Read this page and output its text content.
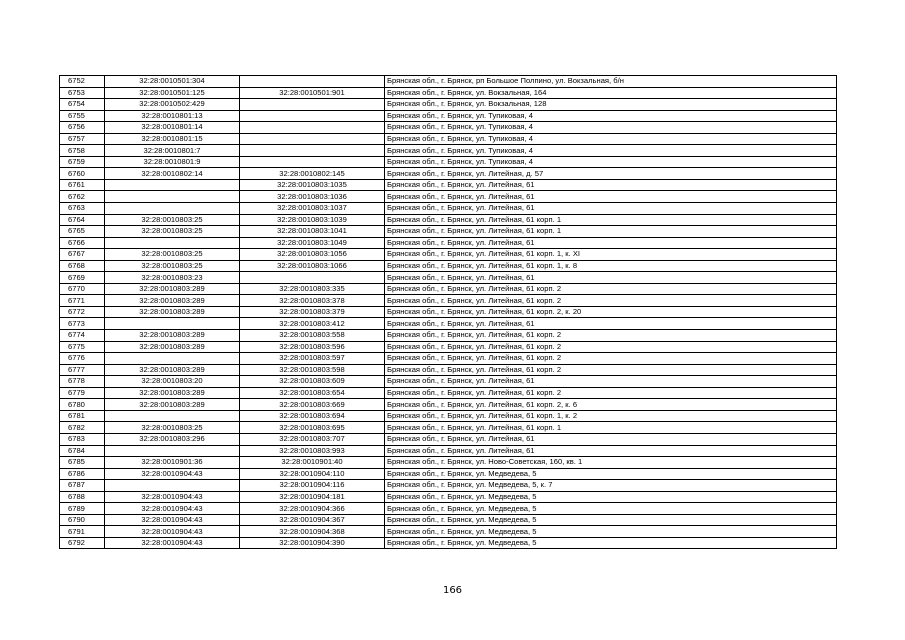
6752	32:28:0010501:304		Брянская обл., г. Брянск, рп Большое Полпино, ул. Вокзальная, б/н
6753	32:28:0010501:125	32:28:0010501:901	Брянская обл., г. Брянск, ул. Вокзальная, 164
6754	32:28:0010502:429		Брянская обл., г. Брянск, ул. Вокзальная, 128
6755	32:28:0010801:13		Брянская обл., г. Брянск, ул. Тупиковая, 4
6756	32:28:0010801:14		Брянская обл., г. Брянск, ул. Тупиковая, 4
6757	32:28:0010801:15		Брянская обл., г. Брянск, ул. Тупиковая, 4
6758	32:28:0010801:7		Брянская обл., г. Брянск, ул. Тупиковая, 4
6759	32:28:0010801:9		Брянская обл., г. Брянск, ул. Тупиковая, 4
6760	32:28:0010802:14	32:28:0010802:145	Брянская обл., г. Брянск, ул. Литейная, д. 57
6761		32:28:0010803:1035	Брянская обл., г. Брянск, ул. Литейная, 61
6762		32:28:0010803:1036	Брянская обл., г. Брянск, ул. Литейная, 61
6763		32:28:0010803:1037	Брянская обл., г. Брянск, ул. Литейная, 61
6764	32:28:0010803:25	32:28:0010803:1039	Брянская обл., г. Брянск, ул. Литейная, 61 корп. 1
6765	32:28:0010803:25	32:28:0010803:1041	Брянская обл., г. Брянск, ул. Литейная, 61 корп. 1
6766		32:28:0010803:1049	Брянская обл., г. Брянск, ул. Литейная, 61
6767	32:28:0010803:25	32:28:0010803:1056	Брянская обл., г. Брянск, ул. Литейная, 61 корп. 1, к. XI
6768	32:28:0010803:25	32:28:0010803:1066	Брянская обл., г. Брянск, ул. Литейная, 61 корп. 1, к. 8
6769	32:28:0010803:23		Брянская обл., г. Брянск, ул. Литейная, 61
6770	32:28:0010803:289	32:28:0010803:335	Брянская обл., г. Брянск, ул. Литейная, 61 корп. 2
6771	32:28:0010803:289	32:28:0010803:378	Брянская обл., г. Брянск, ул. Литейная, 61 корп. 2
6772	32:28:0010803:289	32:28:0010803:379	Брянская обл., г. Брянск, ул. Литейная, 61 корп. 2, к. 20
6773		32:28:0010803:412	Брянская обл., г. Брянск, ул. Литейная, 61
6774	32:28:0010803:289	32:28:0010803:558	Брянская обл., г. Брянск, ул. Литейная, 61 корп. 2
6775	32:28:0010803:289	32:28:0010803:596	Брянская обл., г. Брянск, ул. Литейная, 61 корп. 2
6776		32:28:0010803:597	Брянская обл., г. Брянск, ул. Литейная, 61 корп. 2
6777	32:28:0010803:289	32:28:0010803:598	Брянская обл., г. Брянск, ул. Литейная, 61 корп. 2
6778	32:28:0010803:20	32:28:0010803:609	Брянская обл., г. Брянск, ул. Литейная, 61
6779	32:28:0010803:289	32:28:0010803:654	Брянская обл., г. Брянск, ул. Литейная, 61 корп. 2
6780	32:28:0010803:289	32:28:0010803:669	Брянская обл., г. Брянск, ул. Литейная, 61 корп. 2, к. 6
6781		32:28:0010803:694	Брянская обл., г. Брянск, ул. Литейная, 61 корп. 1, к. 2
6782	32:28:0010803:25	32:28:0010803:695	Брянская обл., г. Брянск, ул. Литейная, 61 корп. 1
6783	32:28:0010803:296	32:28:0010803:707	Брянская обл., г. Брянск, ул. Литейная, 61
6784		32:28:0010803:993	Брянская обл., г. Брянск, ул. Литейная, 61
6785	32:28:0010901:36	32:28:0010901:40	Брянская обл., г. Брянск, ул. Ново-Советская, 160, кв. 1
6786	32:28:0010904:43	32:28:0010904:110	Брянская обл., г. Брянск, ул. Медведева, 5
6787		32:28:0010904:116	Брянская обл., г. Брянск, ул. Медведева, 5, к. 7
6788	32:28:0010904:43	32:28:0010904:181	Брянская обл., г. Брянск, ул. Медведева, 5
6789	32:28:0010904:43	32:28:0010904:366	Брянская обл., г. Брянск, ул. Медведева, 5
6790	32:28:0010904:43	32:28:0010904:367	Брянская обл., г. Брянск, ул. Медведева, 5
6791	32:28:0010904:43	32:28:0010904:368	Брянская обл., г. Брянск, ул. Медведева, 5
6792	32:28:0010904:43	32:28:0010904:390	Брянская обл., г. Брянск, ул. Медведева, 5
166
